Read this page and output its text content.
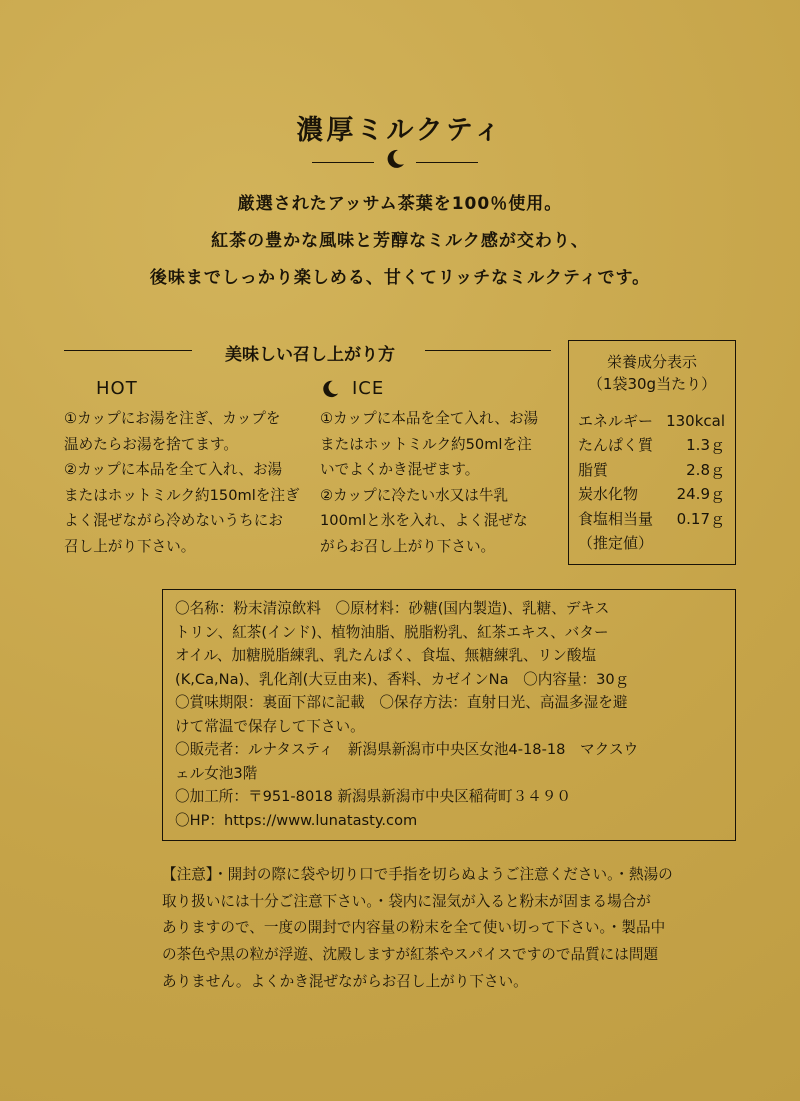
濃厚ミルクティ
厳選されたアッサム茶葉を100％使用。
紅茶の豊かな風味と芳醇なミルク感が交わり、
後味までしっかり楽しめる、甘くてリッチなミルクティです。
美味しい召し上がり方
HOT
①カップにお湯を注ぎ、カップを
温めたらお湯を捨てます。
②カップに本品を全て入れ、お湯
またはホットミルク約150mlを注ぎ
よく混ぜながら冷めないうちにお
召し上がり下さい。
ICE
①カップに本品を全て入れ、お湯
またはホットミルク約50mlを注
いでよくかき混ぜます。
②カップに冷たい水又は牛乳
100mlと氷を入れ、よく混ぜな
がらお召し上がり下さい。
栄養成分表示
（1袋30g当たり）
エネルギー 130kcal
たんぱく質 1.3ｇ
脂質	2.8ｇ
炭水化物	24.9ｇ
食塩相当量 0.17ｇ
（推定値）
〇名称：粉末清涼飲料　〇原材料：砂糖(国内製造)、乳糖、デキス
トリン、紅茶(インド)、植物油脂、脱脂粉乳、紅茶エキス、バター
オイル、加糖脱脂練乳、乳たんぱく、食塩、無糖練乳、リン酸塩
(K,Ca,Na)、乳化剤(大豆由来)、香料、カゼインNa　〇内容量：30ｇ
〇賞味期限：裏面下部に記載　〇保存方法：直射日光、高温多湿を避
けて常温で保存して下さい。
〇販売者：ルナタスティ　新潟県新潟市中央区女池4-18-18　マクスウ
ェル女池3階
〇加工所：〒951-8018 新潟県新潟市中央区稲荷町３４９０
〇HP：https://www.lunatasty.com
【注意】・開封の際に袋や切り口で手指を切らぬようご注意ください。・熱湯の
取り扱いには十分ご注意下さい。・袋内に湿気が入ると粉末が固まる場合が
ありますので、一度の開封で内容量の粉末を全て使い切って下さい。・製品中
の茶色や黒の粒が浮遊、沈殿しますが紅茶やスパイスですので品質には問題
ありません。よくかき混ぜながらお召し上がり下さい。
